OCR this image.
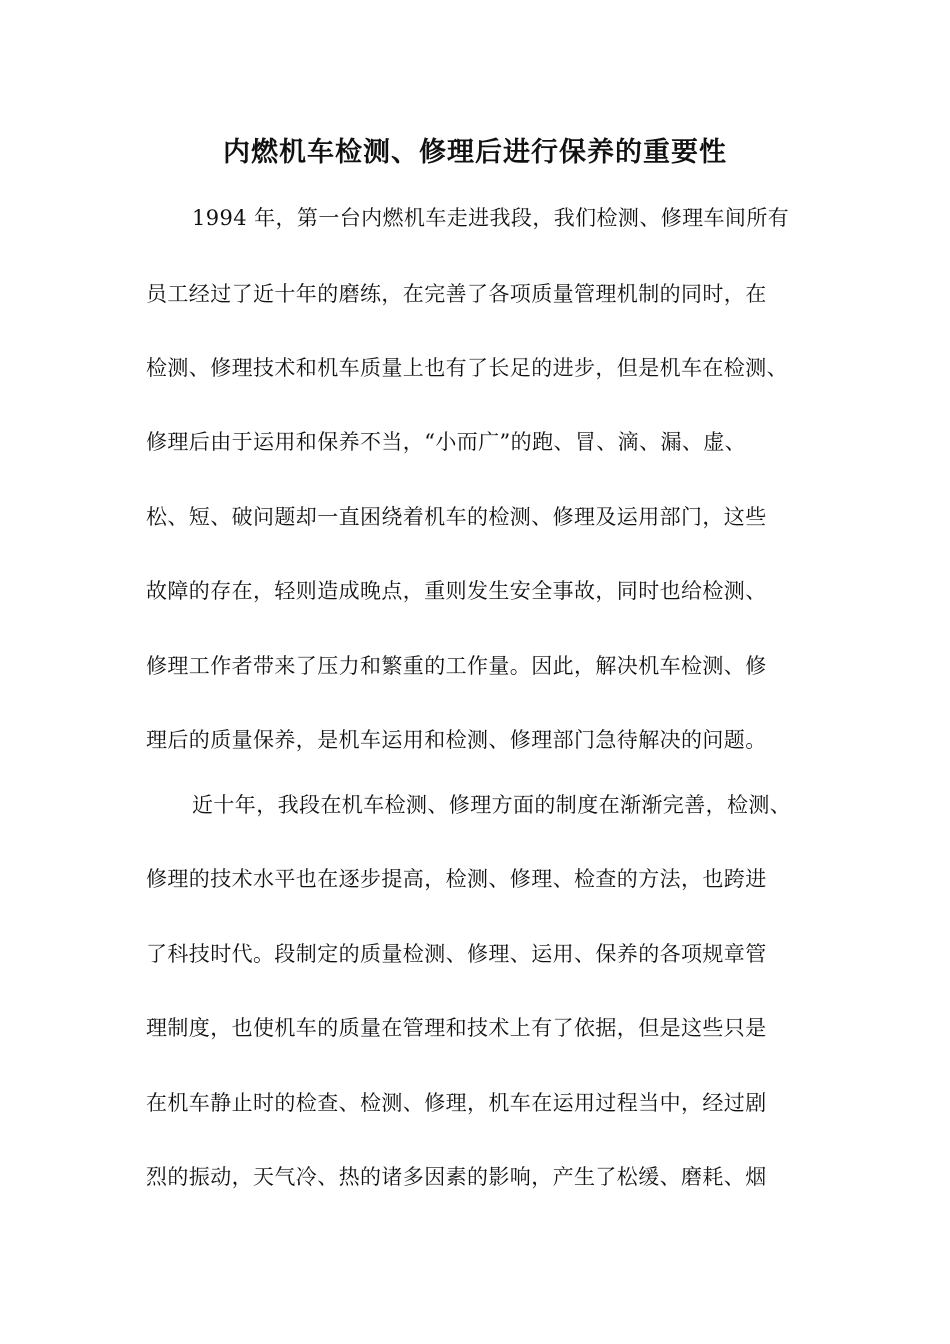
内燃机车检测、修理后进行保养的重要性
1994 年，第一台内燃机车走进我段，我们检测、修理车间所有
员工经过了近十年的磨练，在完善了各项质量管理机制的同时，在
检测、修理技术和机车质量上也有了长足的进步，但是机车在检测、
修理后由于运用和保养不当，“小而广”的跑、冒、滴、漏、虚、
松、短、破问题却一直困绕着机车的检测、修理及运用部门，这些
故障的存在，轻则造成晚点，重则发生安全事故，同时也给检测、
修理工作者带来了压力和繁重的工作量。因此，解决机车检测、修
理后的质量保养，是机车运用和检测、修理部门急待解决的问题。
近十年，我段在机车检测、修理方面的制度在渐渐完善，检测、
修理的技术水平也在逐步提高，检测、修理、检查的方法，也跨进
了科技时代。段制定的质量检测、修理、运用、保养的各项规章管
理制度，也使机车的质量在管理和技术上有了依据，但是这些只是
在机车静止时的检查、检测、修理，机车在运用过程当中，经过剧
烈的振动，天气冷、热的诸多因素的影响，产生了松缓、磨耗、烟
